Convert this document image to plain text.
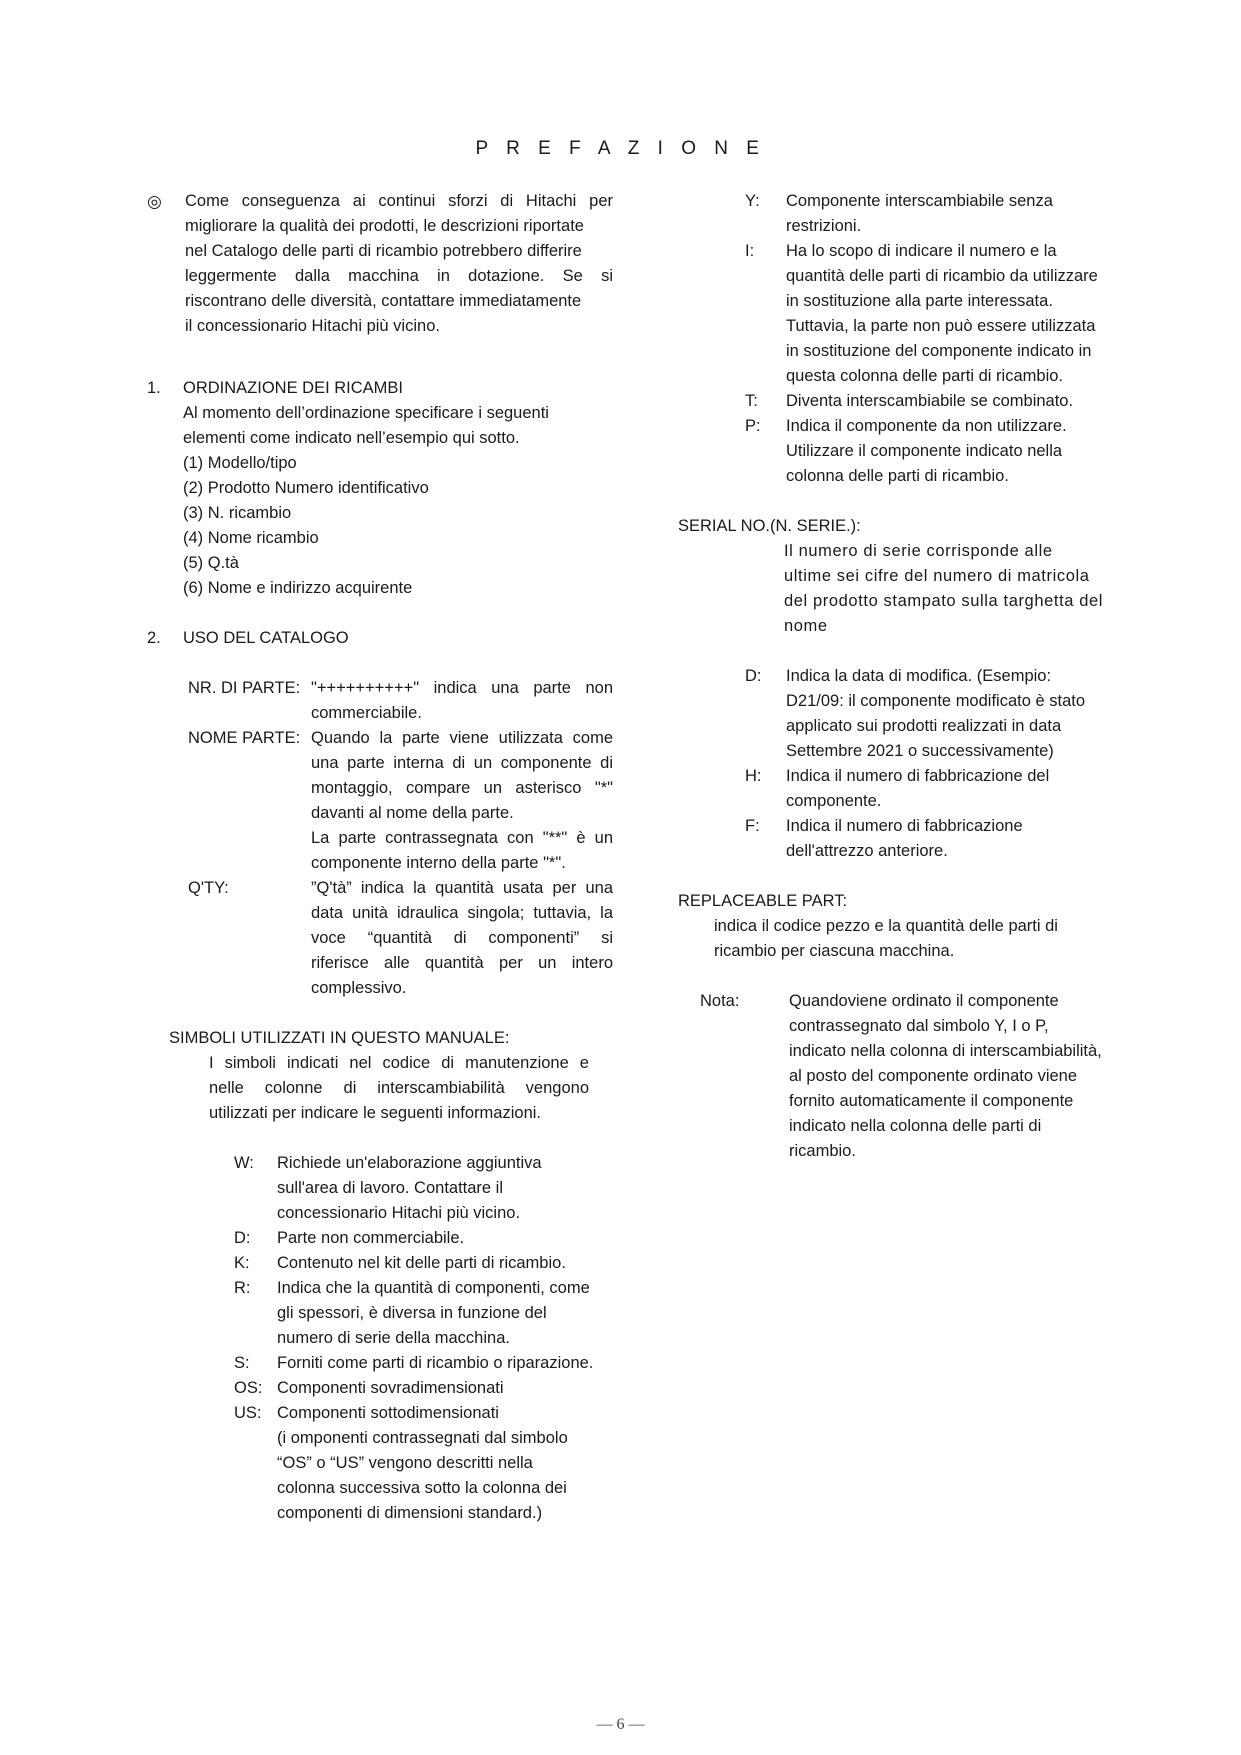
P R E F A Z I O N E
◎ Come conseguenza ai continui sforzi di Hitachi per
migliorare la qualità dei prodotti, le descrizioni riportate
nel Catalogo delle parti di ricambio potrebbero differire
leggermente dalla macchina in dotazione. Se si
riscontrano delle diversità, contattare immediatamente
il concessionario Hitachi più vicino.
1. ORDINAZIONE DEI RICAMBI
Al momento dell’ordinazione specificare i seguenti
elementi come indicato nell’esempio qui sotto.
(1) Modello/tipo
(2) Prodotto Numero identificativo
(3) N. ricambio
(4) Nome ricambio
(5) Q.tà
(6) Nome e indirizzo acquirente
2. USO DEL CATALOGO
NR. DI PARTE: "++++++++++" indica una parte non
commerciabile.
NOME PARTE: Quando la parte viene utilizzata come
una parte interna di un componente di
montaggio, compare un asterisco "*"
davanti al nome della parte.
La parte contrassegnata con "**" è un
componente interno della parte "*".
Q'TY:	”Q'tà” indica la quantità usata per una
data unità idraulica singola; tuttavia, la
voce “quantità di componenti” si
riferisce alle quantità per un intero
complessivo.
SIMBOLI UTILIZZATI IN QUESTO MANUALE:
I simboli indicati nel codice di manutenzione e
nelle colonne di interscambiabilità vengono
utilizzati per indicare le seguenti informazioni.
W: Richiede un'elaborazione aggiuntiva
sull'area di lavoro. Contattare il
concessionario Hitachi più vicino.
D: Parte non commerciabile.
K: Contenuto nel kit delle parti di ricambio.
R: Indica che la quantità di componenti, come
gli spessori, è diversa in funzione del
numero di serie della macchina.
S: Forniti come parti di ricambio o riparazione.
OS: Componenti sovradimensionati
US: Componenti sottodimensionati
(i omponenti contrassegnati dal simbolo
“OS” o “US” vengono descritti nella
colonna successiva sotto la colonna dei
componenti di dimensioni standard.)
Y: Componente interscambiabile senza
restrizioni.
I: Ha lo scopo di indicare il numero e la
quantità delle parti di ricambio da utilizzare
in sostituzione alla parte interessata.
Tuttavia, la parte non può essere utilizzata
in sostituzione del componente indicato in
questa colonna delle parti di ricambio.
T: Diventa interscambiabile se combinato.
P: Indica il componente da non utilizzare.
Utilizzare il componente indicato nella
colonna delle parti di ricambio.
SERIAL NO.(N. SERIE.):
Il numero di serie corrisponde alle
ultime sei cifre del numero di matricola
del prodotto stampato sulla targhetta del
nome
D: Indica la data di modifica. (Esempio:
D21/09: il componente modificato è stato
applicato sui prodotti realizzati in data
Settembre 2021 o successivamente)
H: Indica il numero di fabbricazione del
componente.
F: Indica il numero di fabbricazione
dell'attrezzo anteriore.
REPLACEABLE PART:
indica il codice pezzo e la quantità delle parti di
ricambio per ciascuna macchina.
Nota:	Quandoviene ordinato il componente
contrassegnato dal simbolo Y, I o P,
indicato nella colonna di interscambiabilità,
al posto del componente ordinato viene
fornito automaticamente il componente
indicato nella colonna delle parti di
ricambio.
— 6 —
